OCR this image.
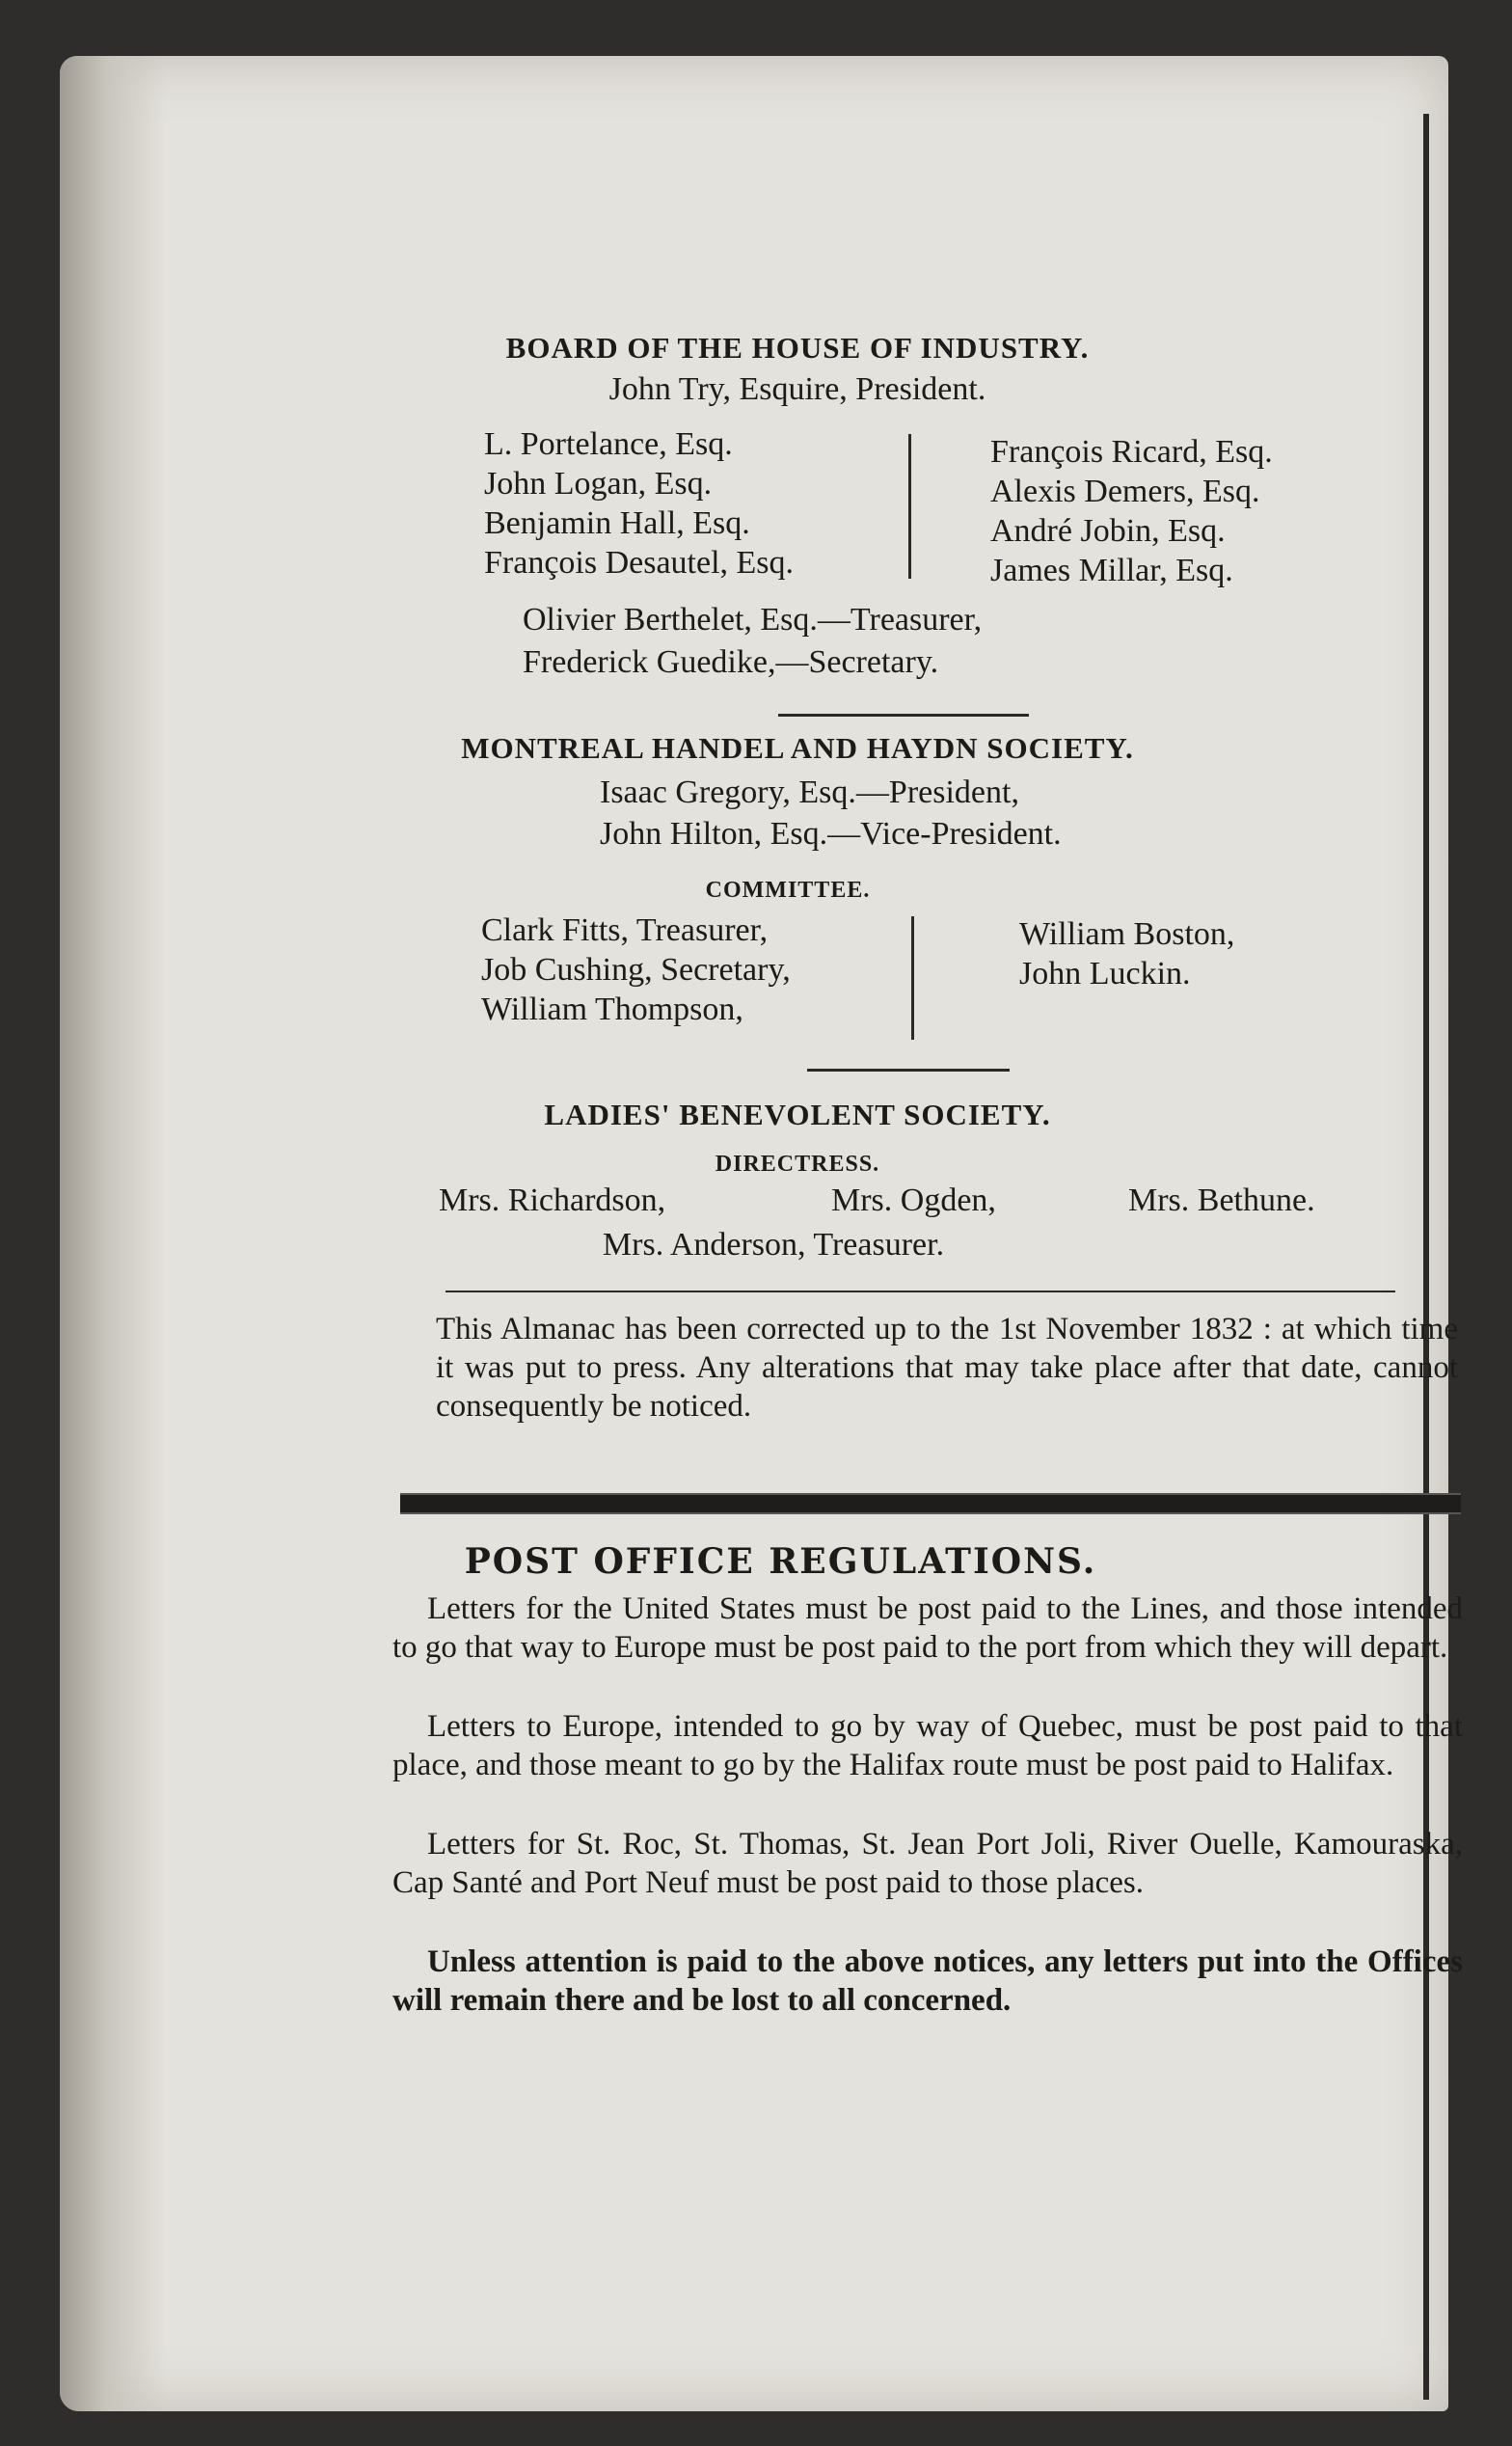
BOARD OF THE HOUSE OF INDUSTRY.
John Try, Esquire, President.
L. Portelance, Esq.
John Logan, Esq.
Benjamin Hall, Esq.
François Desautel, Esq.
François Ricard, Esq.
Alexis Demers, Esq.
André Jobin, Esq.
James Millar, Esq.
Olivier Berthelet, Esq.—Treasurer,
Frederick Guedike,—Secretary.
MONTREAL HANDEL AND HAYDN SOCIETY.
Isaac Gregory, Esq.—President,
John Hilton, Esq.—Vice-President.
COMMITTEE.
Clark Fitts, Treasurer,
Job Cushing, Secretary,
William Thompson,
William Boston,
John Luckin.
LADIES' BENEVOLENT SOCIETY.
DIRECTRESS.
Mrs. Richardson,	Mrs. Ogden,	Mrs. Bethune.
Mrs. Anderson, Treasurer.
This Almanac has been corrected up to the 1st November 1832 : at which time it was put to press. Any alterations that may take place after that date, cannot consequently be noticed.
POST OFFICE REGULATIONS.
Letters for the United States must be post paid to the Lines, and those intended to go that way to Europe must be post paid to the port from which they will depart.
Letters to Europe, intended to go by way of Quebec, must be post paid to that place, and those meant to go by the Halifax route must be post paid to Halifax.
Letters for St. Roc, St. Thomas, St. Jean Port Joli, River Ouelle, Kamouraska, Cap Santé and Port Neuf must be post paid to those places.
Unless attention is paid to the above notices, any letters put into the Offices will remain there and be lost to all concerned.
